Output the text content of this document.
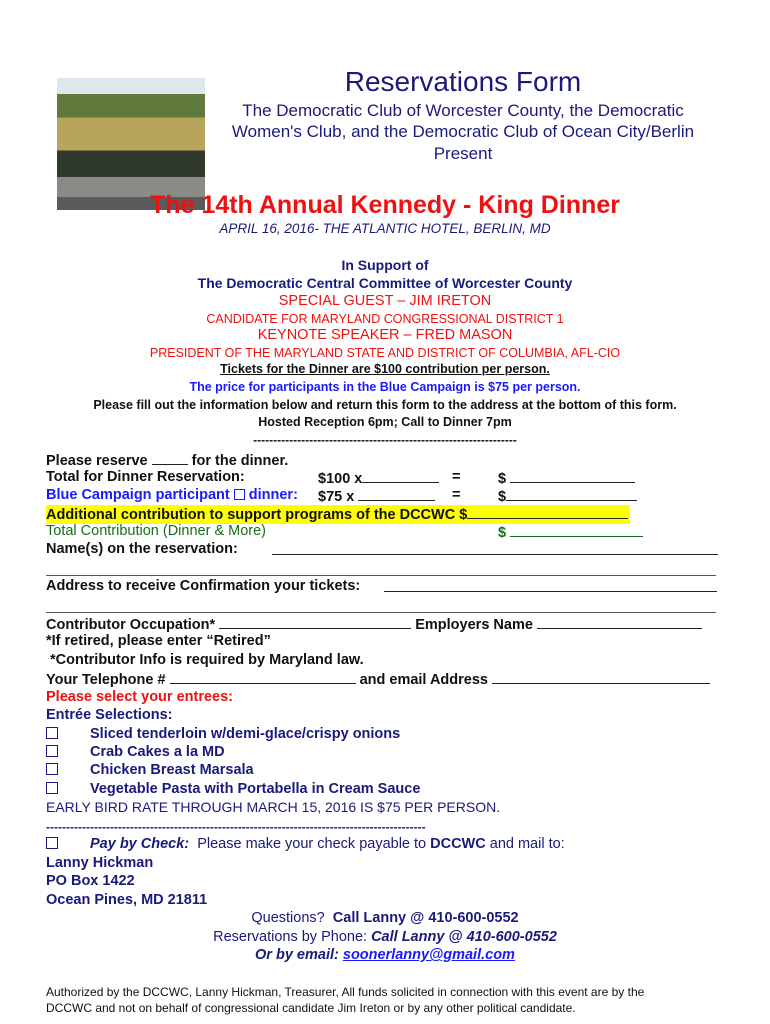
Reservations Form
The Democratic Club of Worcester County, the Democratic
Women's Club, and the Democratic Club of Ocean City/Berlin
Present
The 14th Annual Kennedy - King Dinner
APRIL 16, 2016- THE ATLANTIC HOTEL, BERLIN, MD
In Support of
The Democratic Central Committee of Worcester County
SPECIAL GUEST – JIM IRETON
CANDIDATE FOR MARYLAND CONGRESSIONAL DISTRICT 1
KEYNOTE SPEAKER – FRED MASON
PRESIDENT OF THE MARYLAND STATE AND DISTRICT OF COLUMBIA, AFL-CIO
Tickets for the Dinner are $100 contribution per person.
The price for participants in the Blue Campaign is $75 per person.
Please fill out the information below and return this form to the address at the bottom of this form.
Hosted Reception 6pm; Call to Dinner 7pm
------------------------------------------------------------------
Please reserve	for the dinner.
Total for Dinner Reservation:	$100 x	=	$
Blue Campaign participant dinner: $75 x	=	$
Additional contribution to support programs of the DCCWC $
Total Contribution (Dinner & More)	$
Name(s) on the reservation:
Address to receive Confirmation your tickets:
Contributor Occupation*	Employers Name
*If retired, please enter “Retired”
*Contributor Info is required by Maryland law.
Your Telephone #	and email Address
Please select your entrees:
Entrée Selections:
Sliced tenderloin w/demi-glace/crispy onions
Crab Cakes a la MD
Chicken Breast Marsala
Vegetable Pasta with Portabella in Cream Sauce
EARLY BIRD RATE THROUGH MARCH 15, 2016 IS $75 PER PERSON.
-----------------------------------------------------------------------------------------------
Pay by Check: Please make your check payable to DCCWC and mail to:
Lanny Hickman
PO Box 1422
Ocean Pines, MD 21811
Questions? Call Lanny @ 410-600-0552
Reservations by Phone: Call Lanny @ 410-600-0552
Or by email: soonerlanny@gmail.com
Authorized by the DCCWC, Lanny Hickman, Treasurer, All funds solicited in connection with this event are by the
DCCWC and not on behalf of congressional candidate Jim Ireton or by any other political candidate.
